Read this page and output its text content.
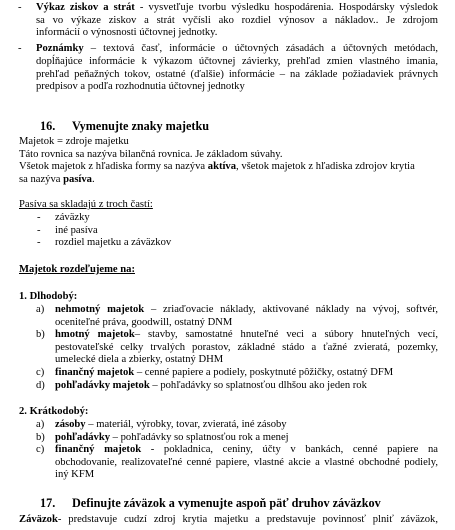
- Výkaz ziskov a strát - vysvetľuje tvorbu výsledku hospodárenia. Hospodársky výsledok
sa vo výkaze ziskov a strát vyčísli ako rozdiel výnosov a nákladov.. Je zdrojom
informácií o výnosnosti účtovnej jednotky.
- Poznámky – textová časť, informácie o účtovných zásadách a účtovných metódach,
dopĺňajúce informácie k výkazom účtovnej závierky, prehľad zmien vlastného imania,
prehľad peňažných tokov, ostatné (ďalšie) informácie – na základe požiadaviek právnych
predpisov a podľa rozhodnutia účtovnej jednotky
16. Vymenujte znaky majetku
Majetok = zdroje majetku
Táto rovnica sa nazýva bilančná rovnica. Je základom súvahy.
Všetok majetok z hľadiska formy sa nazýva aktíva, všetok majetok z hľadiska zdrojov krytia
sa nazýva pasíva.
Pasíva sa skladajú z troch častí:
- záväzky
- iné pasíva
- rozdiel majetku a záväzkov
Majetok rozdeľujeme na:
1. Dlhodobý:
a) nehmotný majetok – zriaďovacie náklady, aktivované náklady na vývoj, softvér,
oceniteľné práva, goodwill, ostatný DNM
b) hmotný majetok– stavby, samostatné hnuteľné veci a súbory hnuteľných vecí,
pestovateľské celky trvalých porastov, základné stádo a ťažné zvieratá, pozemky,
umelecké diela a zbierky, ostatný DHM
c) finančný majetok – cenné papiere a podiely, poskytnuté pôžičky, ostatný DFM
d) pohľadávky majetok – pohľadávky so splatnosťou dlhšou ako jeden rok
2. Krátkodobý:
a) zásoby – materiál, výrobky, tovar, zvieratá, iné zásoby
b) pohľadávky – pohľadávky so splatnosťou rok a menej
c) finančný majetok - pokladnica, ceniny, účty v bankách, cenné papiere na
obchodovanie, realizovateľné cenné papiere, vlastné akcie a vlastné obchodné podiely,
iný KFM
17. Definujte záväzok a vymenujte aspoň päť druhov záväzkov
Záväzok- predstavuje cudzí zdroj krytia majetku a predstavuje povinnosť plniť záväzok,
